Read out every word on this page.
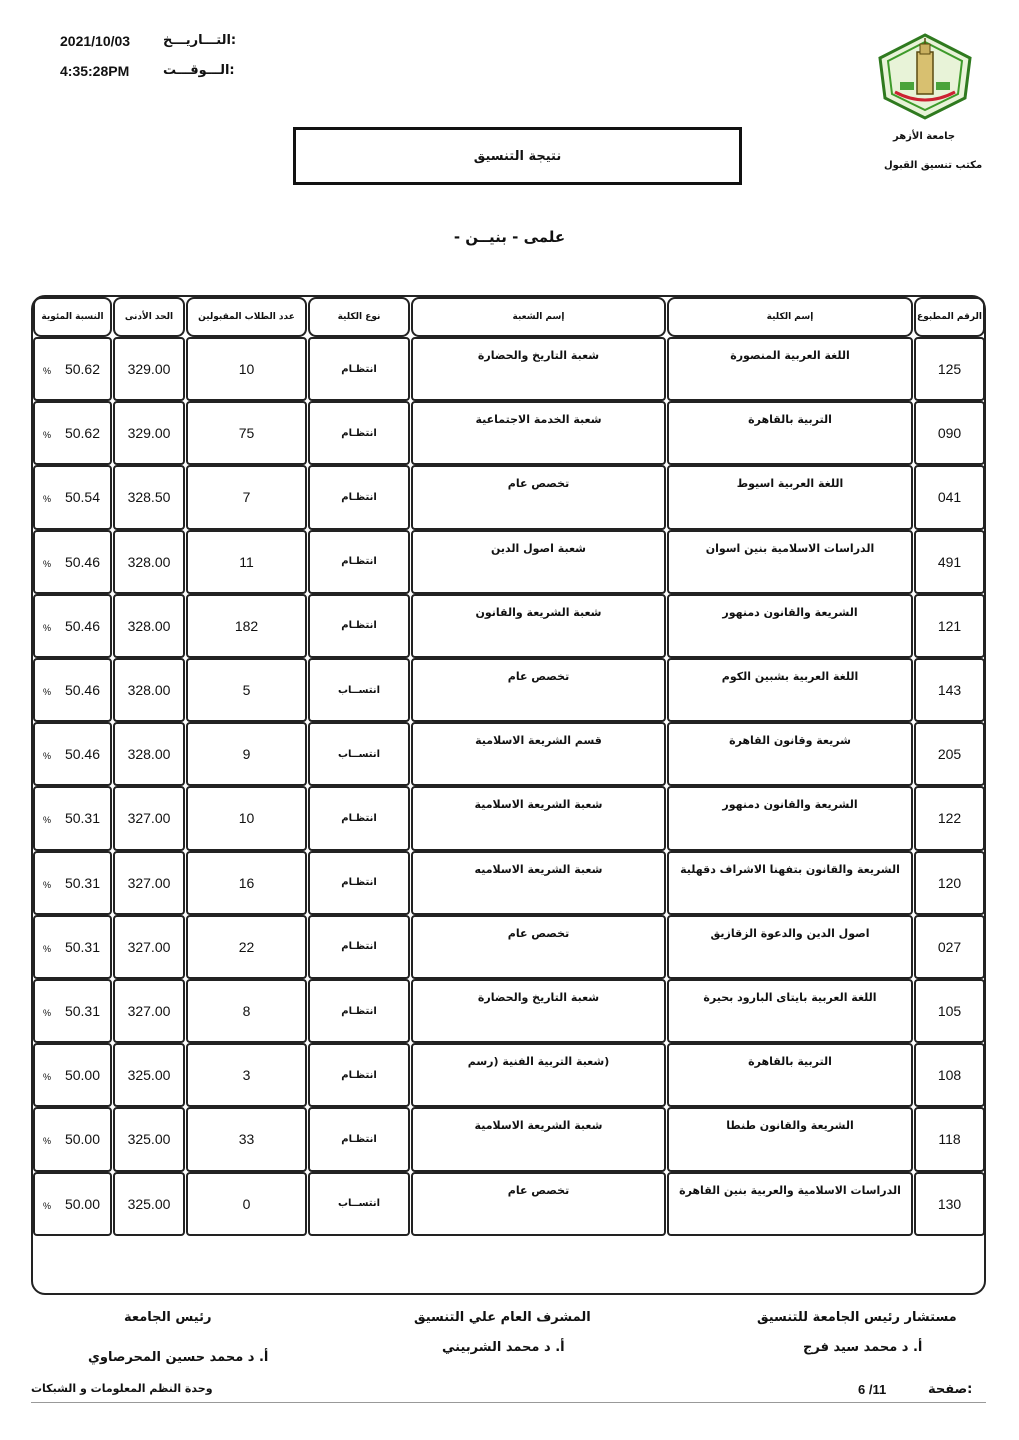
2021/10/03	التـــاريـــخ:
4:35:28PM	الـــوقـــت:
جامعة الأزهر
مكتب تنسيق القبول
نتيجة التنسيق
- علمى - بنيــن
الرقم المطبوع
إسم الكلية
إسم الشعبة
نوع الكلية
عدد الطلاب المقبولين
الحد الأدنى
النسبة المئوية
125
اللغة العربية المنصورة
شعبة التاريخ والحضارة
انتظـام
10
329.00
50.62
%
090
التربية بالقاهرة
شعبة الخدمة الاجتماعية
انتظـام
75
329.00
50.62
%
041
اللغة العربية اسيوط
تخصص عام
انتظـام
7
328.50
50.54
%
491
الدراسات الاسلامية بنين اسوان
شعبة اصول الدين
انتظـام
11
328.00
50.46
%
121
الشريعة والقانون دمنهور
شعبة الشريعة والقانون
انتظـام
182
328.00
50.46
%
143
اللغة العربية بشبين الكوم
تخصص عام
انتســاب
5
328.00
50.46
%
205
شريعة وقانون القاهرة
قسم الشريعة الاسلامية
انتســاب
9
328.00
50.46
%
122
الشريعة والقانون دمنهور
شعبة الشريعة الاسلامية
انتظـام
10
327.00
50.31
%
120
الشريعة والقانون بتفهنا الاشراف دقهلية
شعبة الشريعة الاسلاميه
انتظـام
16
327.00
50.31
%
027
اصول الدين والدعوة الزقازيق
تخصص عام
انتظـام
22
327.00
50.31
%
105
اللغة العربية بايتاى البارود بحيرة
شعبة التاريخ والحضارة
انتظـام
8
327.00
50.31
%
108
التربية بالقاهرة
(شعبة التربية الفنية (رسم
انتظـام
3
325.00
50.00
%
118
الشريعة والقانون طنطا
شعبة الشريعة الاسلامية
انتظـام
33
325.00
50.00
%
130
الدراسات الاسلامية والعربية بنين القاهرة
تخصص عام
انتســاب
0
325.00
50.00
%
مستشار رئيس الجامعة للتنسيق
أ. د محمد سيد فرج
المشرف العام علي التنسيق
أ. د محمد الشربيني
رئيس الجامعة
أ. د محمد حسين المحرصاوي
صفحة:
6 /11
وحدة النظم المعلومات و الشبكات
